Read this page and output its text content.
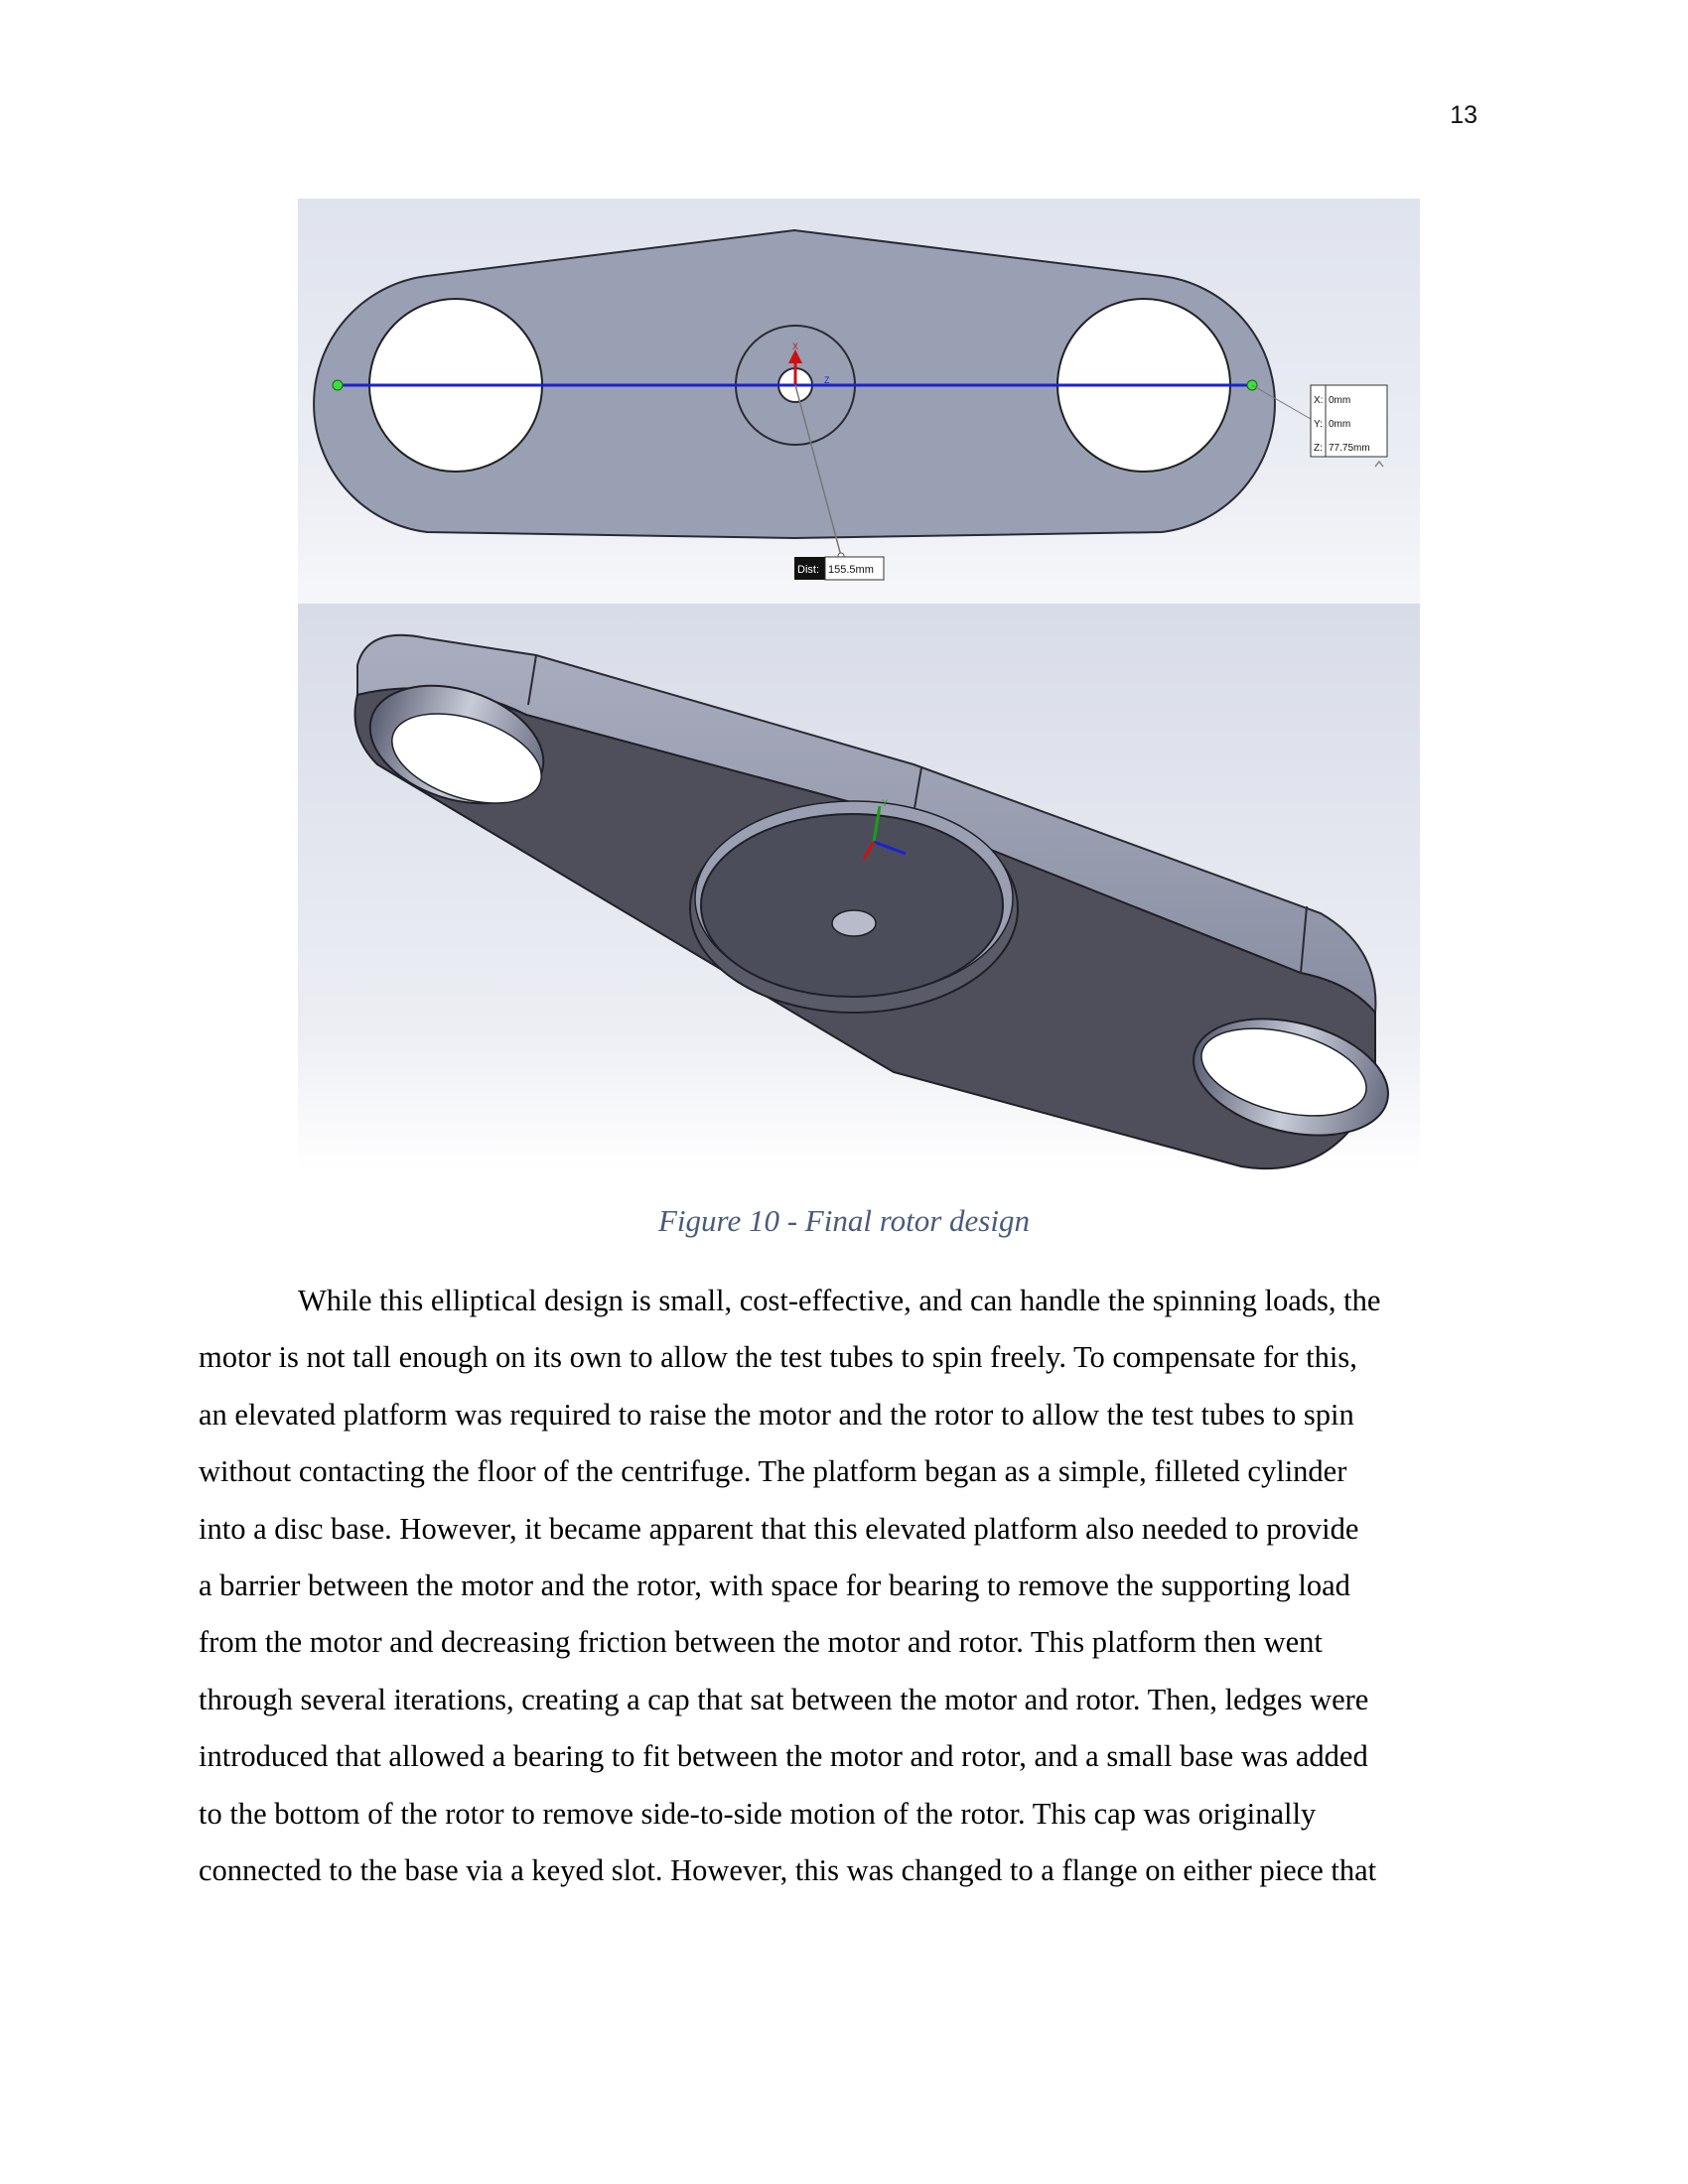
13
X
Z
Dist: 155.5mm
X: 0mm
Y: 0mm
Z: 77.75mm
Y
Figure 10 - Final rotor design
While this elliptical design is small, cost-effective, and can handle the spinning loads, the
motor is not tall enough on its own to allow the test tubes to spin freely. To compensate for this,
an elevated platform was required to raise the motor and the rotor to allow the test tubes to spin
without contacting the floor of the centrifuge. The platform began as a simple, filleted cylinder
into a disc base. However, it became apparent that this elevated platform also needed to provide
a barrier between the motor and the rotor, with space for bearing to remove the supporting load
from the motor and decreasing friction between the motor and rotor. This platform then went
through several iterations, creating a cap that sat between the motor and rotor. Then, ledges were
introduced that allowed a bearing to fit between the motor and rotor, and a small base was added
to the bottom of the rotor to remove side-to-side motion of the rotor. This cap was originally
connected to the base via a keyed slot. However, this was changed to a flange on either piece that
